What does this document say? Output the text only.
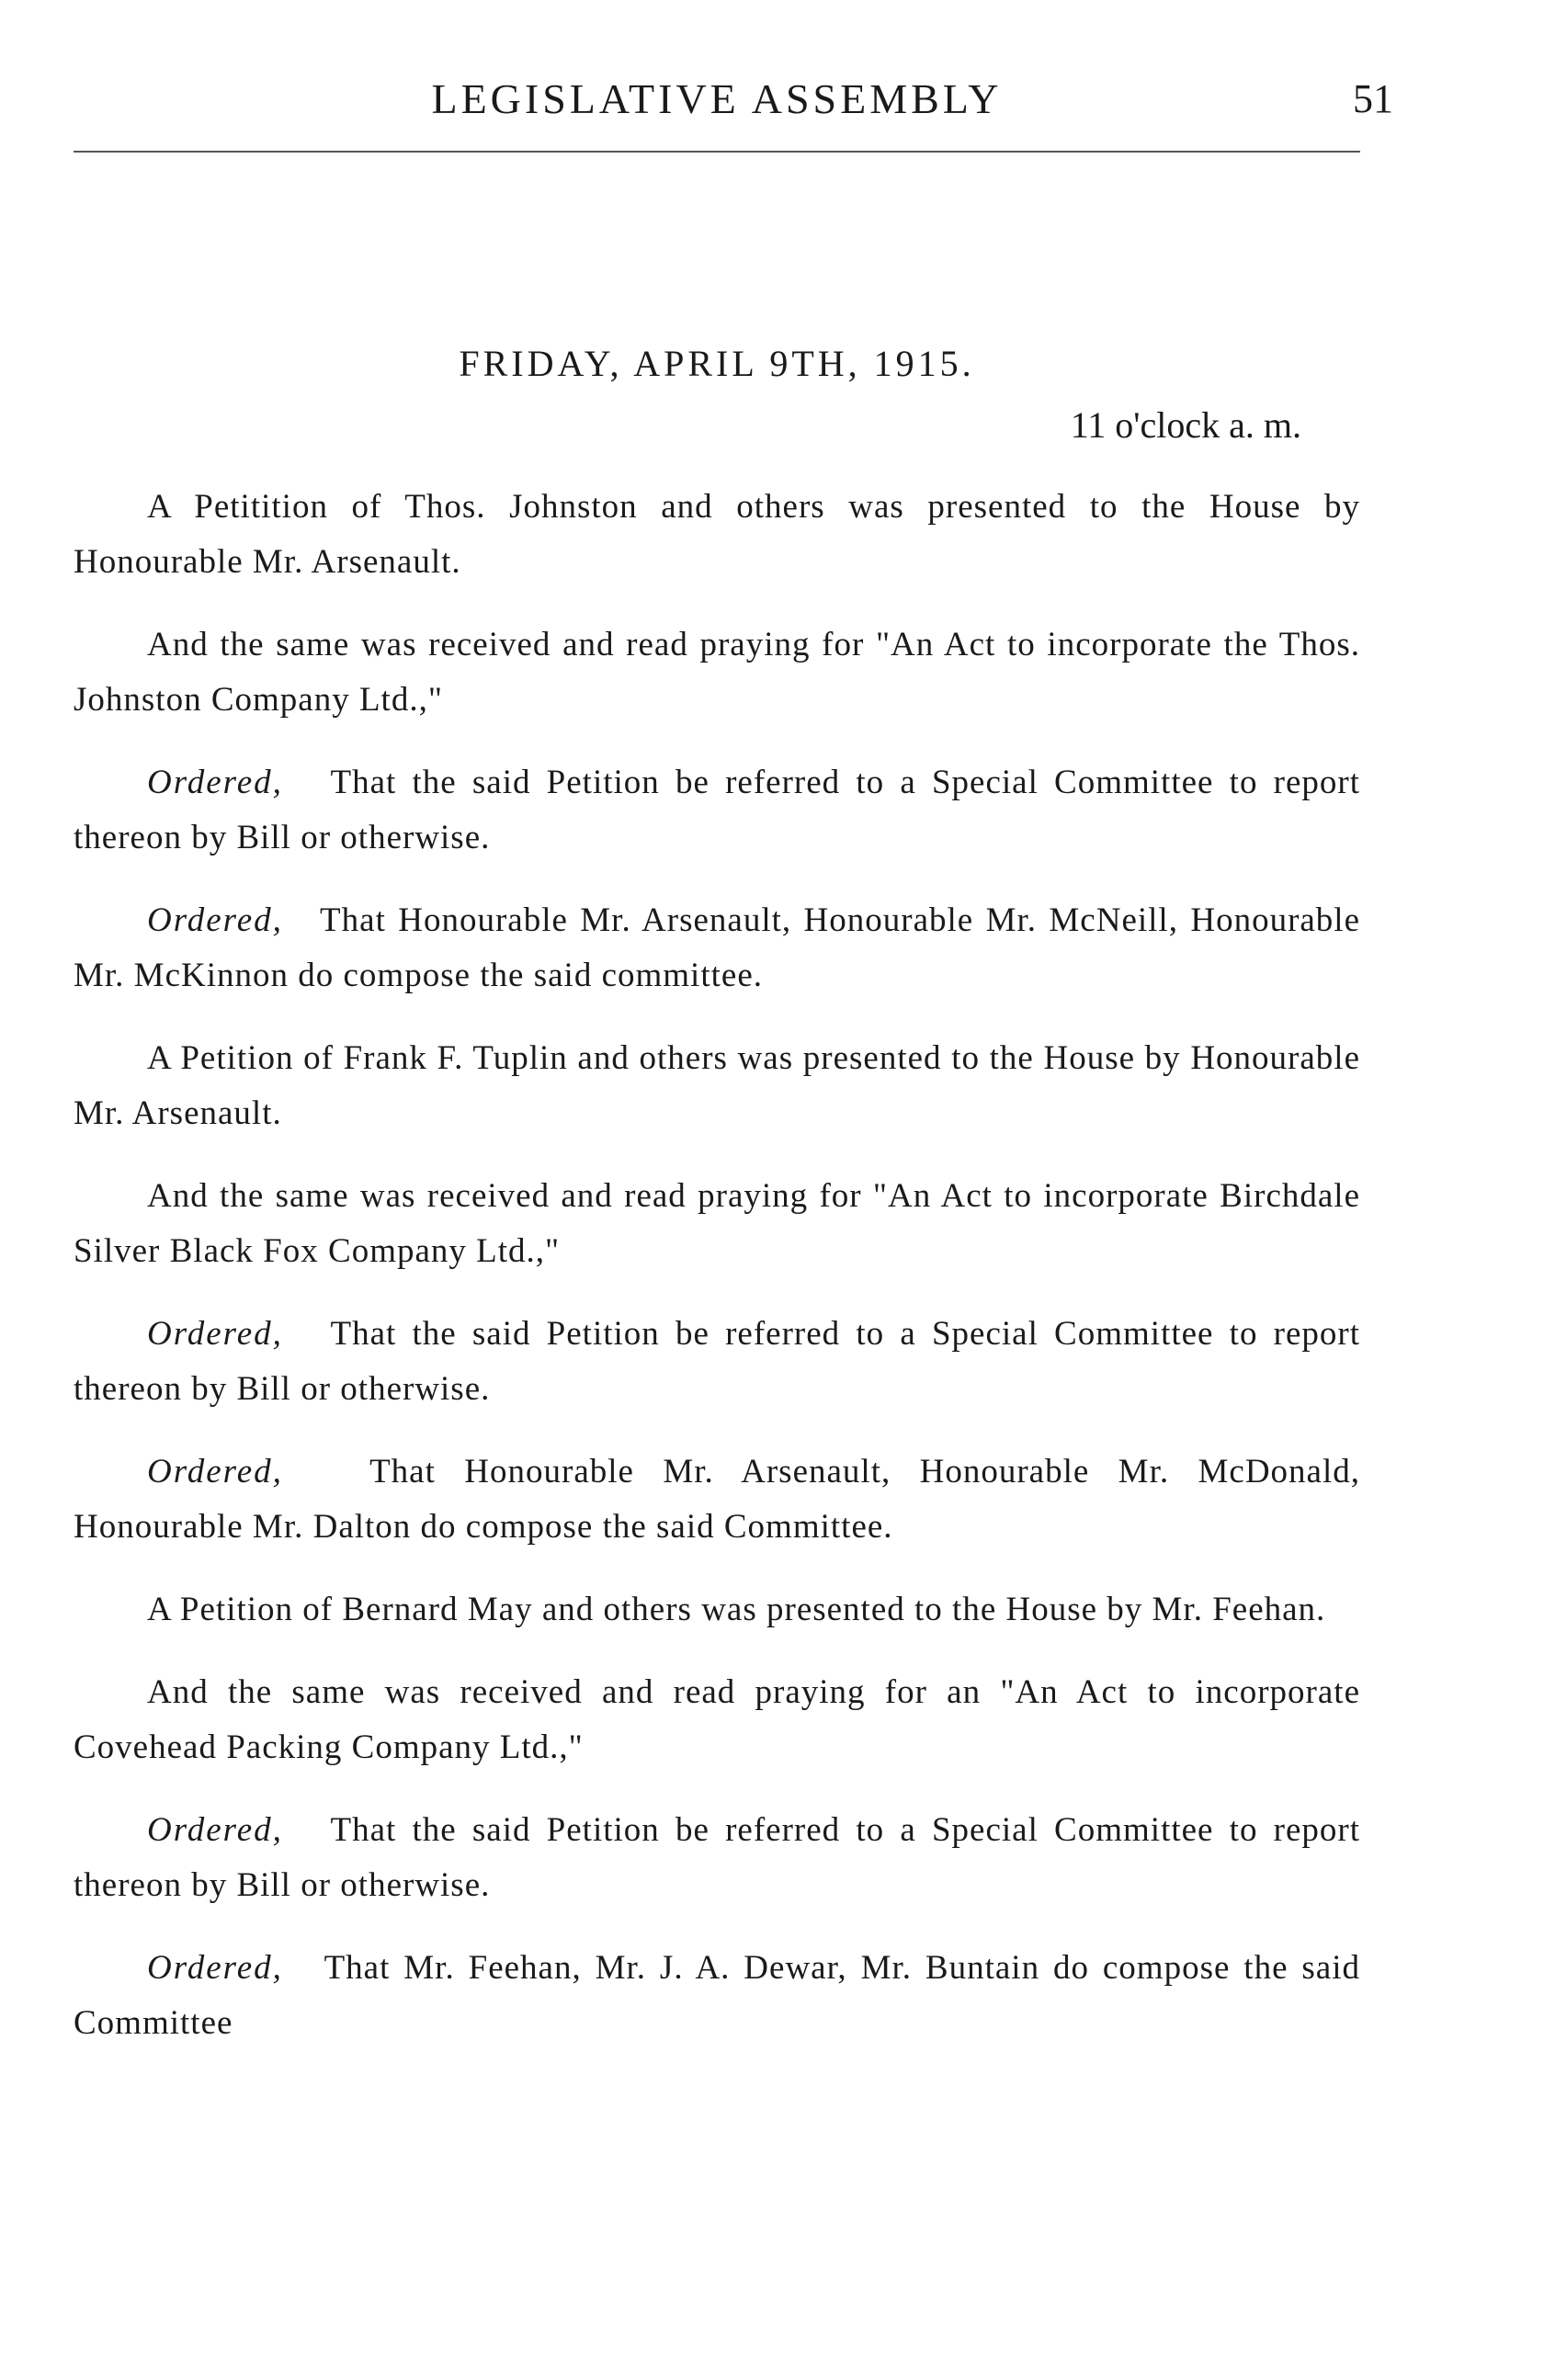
LEGISLATIVE ASSEMBLY	51
FRIDAY, APRIL 9TH, 1915.
11 o'clock a. m.

A Petitition of Thos. Johnston and others was presented to the House by Honourable Mr. Arsenault.

And the same was received and read praying for "An Act to incorporate the Thos. Johnston Company Ltd.,"

Ordered, That the said Petition be referred to a Special Committee to report thereon by Bill or otherwise.

Ordered, That Honourable Mr. Arsenault, Honourable Mr. McNeill, Honourable Mr. McKinnon do compose the said committee.

A Petition of Frank F. Tuplin and others was presented to the House by Honourable Mr. Arsenault.

And the same was received and read praying for "An Act to incorporate Birchdale Silver Black Fox Company Ltd.,"

Ordered, That the said Petition be referred to a Special Committee to report thereon by Bill or otherwise.

Ordered,	That Honourable Mr. Arsenault, Honourable Mr. McDonald, Honourable Mr. Dalton do compose the said Committee.

A Petition of Bernard May and others was presented to the House by Mr. Feehan.

And the same was received and read praying for an "An Act to incorporate Covehead Packing Company Ltd.,"

Ordered, That the said Petition be referred to a Special Committee to report thereon by Bill or otherwise.

Ordered, That Mr. Feehan, Mr. J. A. Dewar, Mr. Buntain do compose the said Committee
